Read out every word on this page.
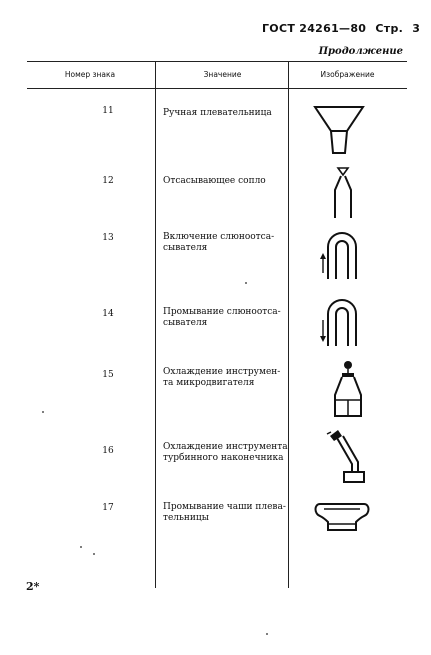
ГОСТ 24261—80 Стр. 3
Продолжение
Номер знака	Значение	Изображение
11	Ручная плевательница
12	Отсасывающее сопло
13	Включение слюноотса-
сывателя
14	Промывание слюноотса-
сывателя
15	Охлаждение инструмен-
та микродвигателя
16	Охлаждение инструмента
турбинного наконечника
17	Промывание чаши плева-
тельницы
2*
